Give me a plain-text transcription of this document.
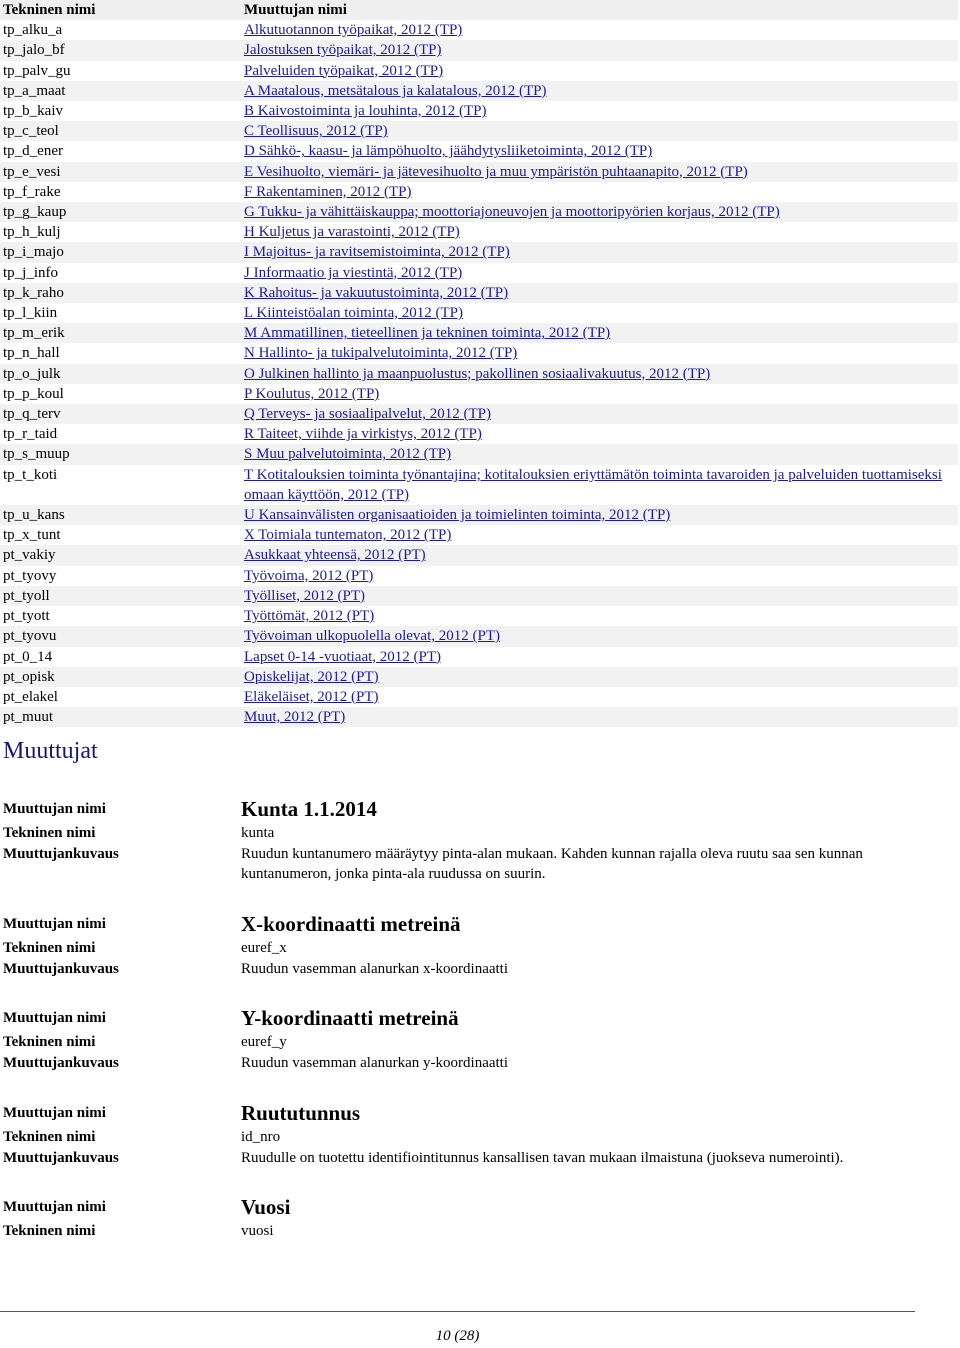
Tekninen nimi	Muuttujan nimi
tp_alku_a	Alkutuotannon työpaikat, 2012 (TP)
tp_jalo_bf	Jalostuksen työpaikat, 2012 (TP)
tp_palv_gu	Palveluiden työpaikat, 2012 (TP)
tp_a_maat	A Maatalous, metsätalous ja kalatalous, 2012 (TP)
tp_b_kaiv	B Kaivostoiminta ja louhinta, 2012 (TP)
tp_c_teol	C Teollisuus, 2012 (TP)
tp_d_ener	D Sähkö-, kaasu- ja lämpöhuolto, jäähdytysliiketoiminta, 2012 (TP)
tp_e_vesi	E Vesihuolto, viemäri- ja jätevesihuolto ja muu ympäristön puhtaanapito, 2012 (TP)
tp_f_rake	F Rakentaminen, 2012 (TP)
tp_g_kaup	G Tukku- ja vähittäiskauppa; moottoriajoneuvojen ja moottoripyörien korjaus, 2012 (TP)
tp_h_kulj	H Kuljetus ja varastointi, 2012 (TP)
tp_i_majo	I Majoitus- ja ravitsemistoiminta, 2012 (TP)
tp_j_info	J Informaatio ja viestintä, 2012 (TP)
tp_k_raho	K Rahoitus- ja vakuutustoiminta, 2012 (TP)
tp_l_kiin	L Kiinteistöalan toiminta, 2012 (TP)
tp_m_erik	M Ammatillinen, tieteellinen ja tekninen toiminta, 2012 (TP)
tp_n_hall	N Hallinto- ja tukipalvelutoiminta, 2012 (TP)
tp_o_julk	O Julkinen hallinto ja maanpuolustus; pakollinen sosiaalivakuutus, 2012 (TP)
tp_p_koul	P Koulutus, 2012 (TP)
tp_q_terv	Q Terveys- ja sosiaalipalvelut, 2012 (TP)
tp_r_taid	R Taiteet, viihde ja virkistys, 2012 (TP)
tp_s_muup	S Muu palvelutoiminta, 2012 (TP)
tp_t_koti	T Kotitalouksien toiminta työnantajina; kotitalouksien eriyttämätön toiminta tavaroiden ja palveluiden tuottamiseksi omaan käyttöön, 2012 (TP)
tp_u_kans	U Kansainvälisten organisaatioiden ja toimielinten toiminta, 2012 (TP)
tp_x_tunt	X Toimiala tuntematon, 2012 (TP)
pt_vakiy	Asukkaat yhteensä, 2012 (PT)
pt_tyovy	Työvoima, 2012 (PT)
pt_tyoll	Työlliset, 2012 (PT)
pt_tyott	Työttömät, 2012 (PT)
pt_tyovu	Työvoiman ulkopuolella olevat, 2012 (PT)
pt_0_14	Lapset 0-14 -vuotiaat, 2012 (PT)
pt_opisk	Opiskelijat, 2012 (PT)
pt_elakel	Eläkeläiset, 2012 (PT)
pt_muut	Muut, 2012 (PT)
Muuttujat
Muuttujan nimi	Kunta 1.1.2014
Tekninen nimi	kunta
Muuttujankuvaus	Ruudun kuntanumero määräytyy pinta-alan mukaan. Kahden kunnan rajalla oleva ruutu saa sen kunnan kuntanumeron, jonka pinta-ala ruudussa on suurin.
Muuttujan nimi	X-koordinaatti metreinä
Tekninen nimi	euref_x
Muuttujankuvaus	Ruudun vasemman alanurkan x-koordinaatti
Muuttujan nimi	Y-koordinaatti metreinä
Tekninen nimi	euref_y
Muuttujankuvaus	Ruudun vasemman alanurkan y-koordinaatti
Muuttujan nimi	Ruututunnus
Tekninen nimi	id_nro
Muuttujankuvaus	Ruudulle on tuotettu identifiointitunnus kansallisen tavan mukaan ilmaistuna (juokseva numerointi).
Muuttujan nimi	Vuosi
Tekninen nimi	vuosi
10 (28)
